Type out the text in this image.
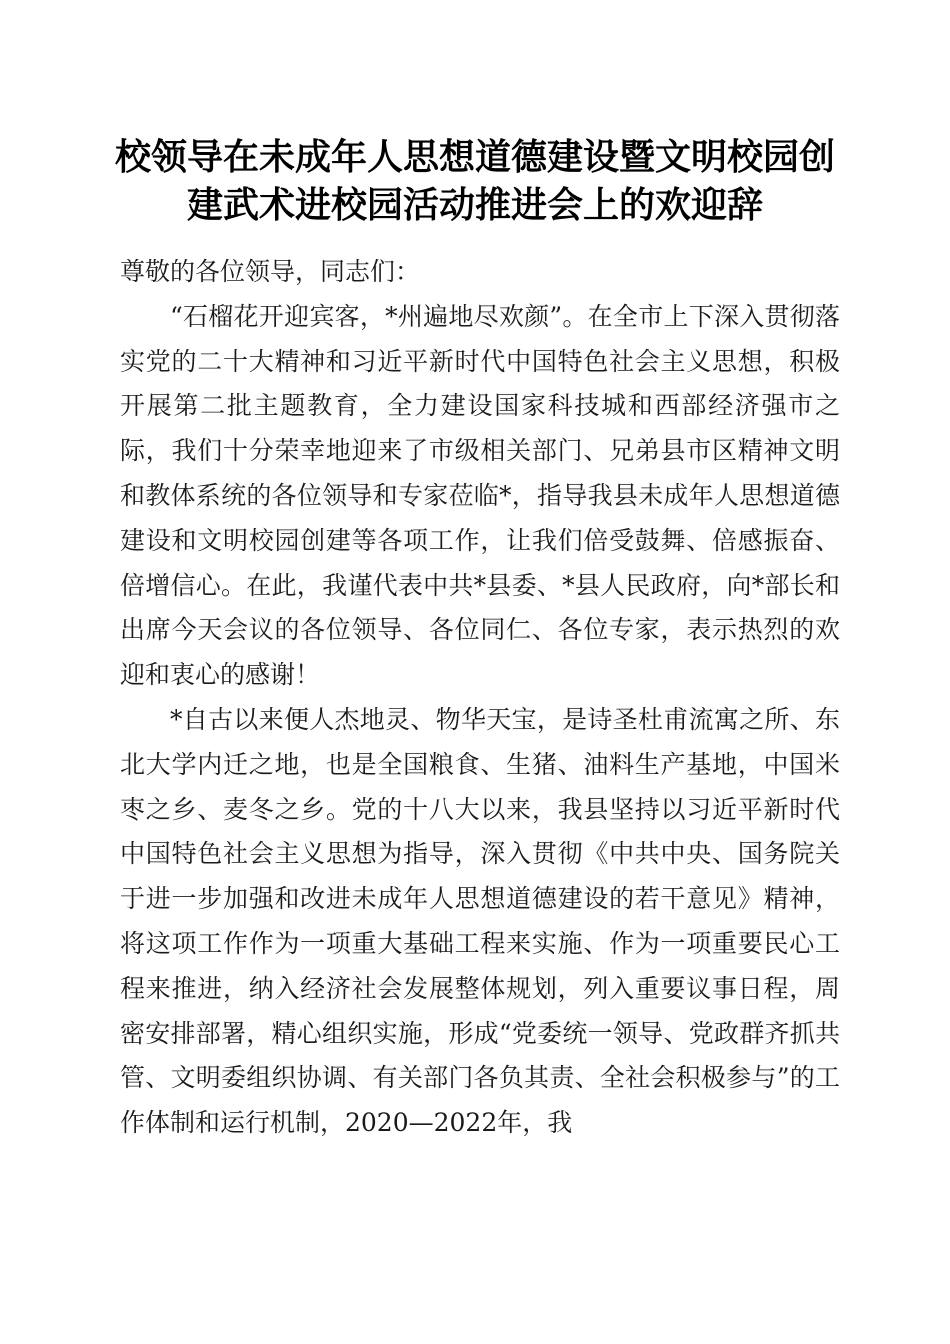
校领导在未成年人思想道德建设暨文明校园创
建武术进校园活动推进会上的欢迎辞

尊敬的各位领导，同志们：

“石榴花开迎宾客，*州遍地尽欢颜”。在全市上下深入贯彻落实党的二十大精神和习近平新时代中国特色社会主义思想，积极开展第二批主题教育，全力建设国家科技城和西部经济强市之际，我们十分荣幸地迎来了市级相关部门、兄弟县市区精神文明和教体系统的各位领导和专家莅临*，指导我县未成年人思想道德建设和文明校园创建等各项工作，让我们倍受鼓舞、倍感振奋、倍增信心。在此，我谨代表中共*县委、*县人民政府，向*部长和出席今天会议的各位领导、各位同仁、各位专家，表示热烈的欢迎和衷心的感谢！

*自古以来便人杰地灵、物华天宝，是诗圣杜甫流寓之所、东北大学内迁之地，也是全国粮食、生猪、油料生产基地，中国米枣之乡、麦冬之乡。党的十八大以来，我县坚持以习近平新时代中国特色社会主义思想为指导，深入贯彻《中共中央、国务院关于进一步加强和改进未成年人思想道德建设的若干意见》精神，将这项工作作为一项重大基础工程来实施、作为一项重要民心工程来推进，纳入经济社会发展整体规划，列入重要议事日程，周密安排部署，精心组织实施，形成“党委统一领导、党政群齐抓共管、文明委组织协调、有关部门各负其责、全社会积极参与”的工作体制和运行机制，2020—2022年，我
